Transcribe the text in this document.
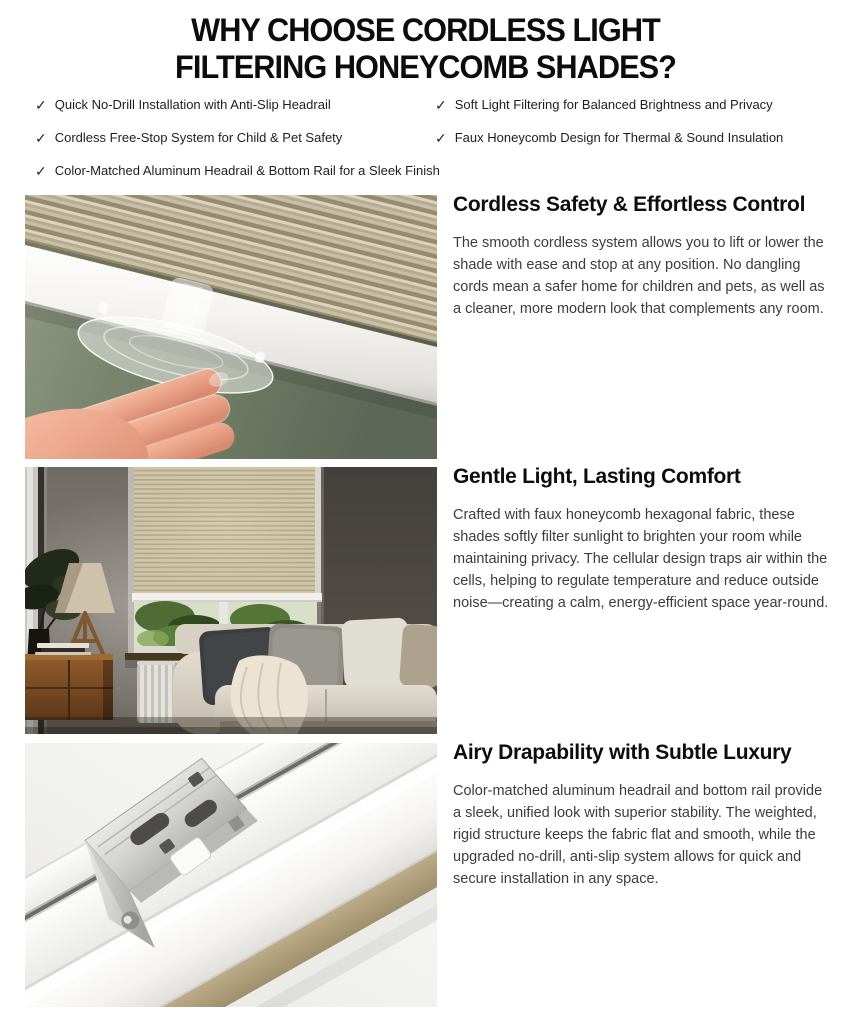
WHY CHOOSE CORDLESS LIGHT
FILTERING HONEYCOMB SHADES?
✓ Quick No-Drill Installation with Anti-Slip Headrail	✓ Soft Light Filtering for Balanced Brightness and Privacy
✓ Cordless Free-Stop System for Child & Pet Safety	✓ Faux Honeycomb Design for Thermal & Sound Insulation
✓ Color-Matched Aluminum Headrail & Bottom Rail for a Sleek Finish
Cordless Safety & Effortless Control

The smooth cordless system allows you to lift or lower the shade with ease and stop at any position. No dangling cords mean a safer home for children and pets, as well as a cleaner, more modern look that complements any room.

Gentle Light, Lasting Comfort

Crafted with faux honeycomb hexagonal fabric, these shades softly filter sunlight to brighten your room while maintaining privacy. The cellular design traps air within the cells, helping to regulate temperature and reduce outside noise—creating a calm, energy-efficient space year-round.

Airy Drapability with Subtle Luxury

Color-matched aluminum headrail and bottom rail provide a sleek, unified look with superior stability. The weighted, rigid structure keeps the fabric flat and smooth, while the upgraded no-drill, anti-slip system allows for quick and secure installation in any space.
